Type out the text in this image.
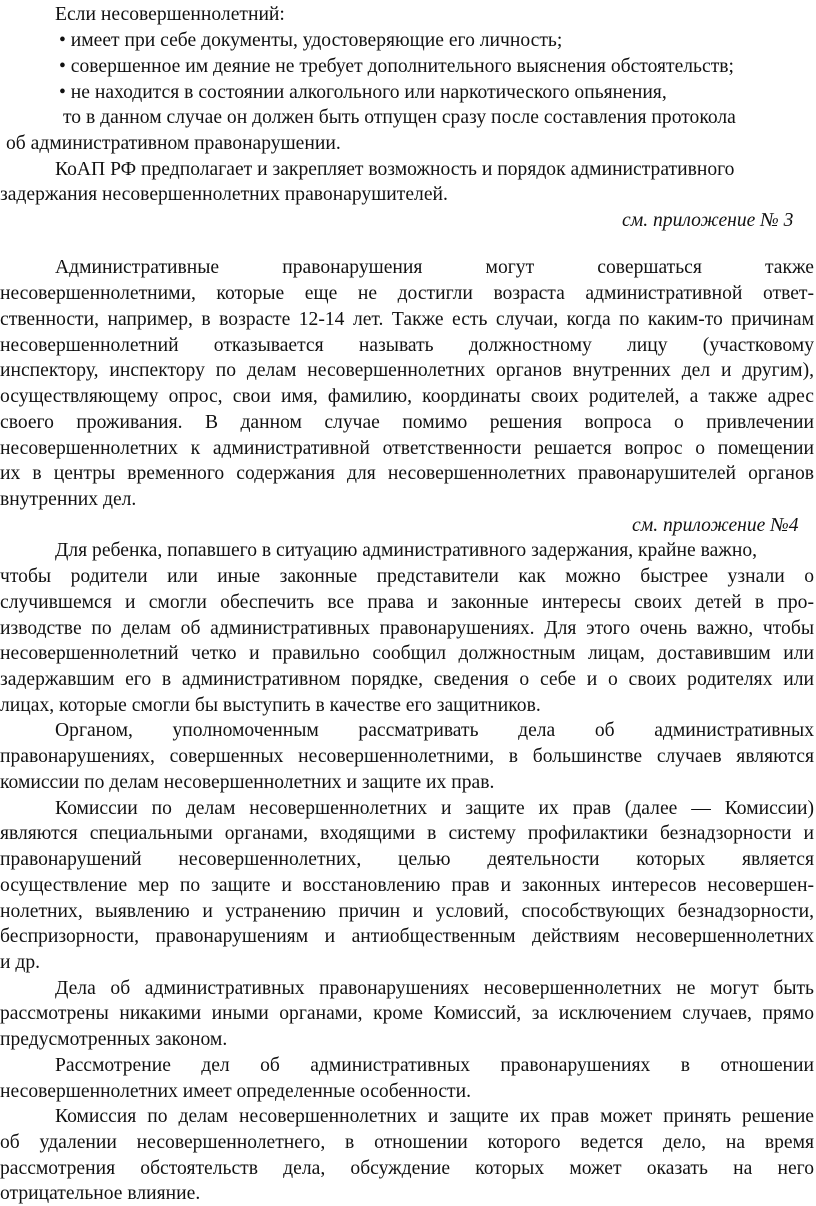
Если несовершеннолетний:
• имеет при себе документы, удостоверяющие его личность;
• совершенное им деяние не требует дополнительного выяснения обстоятельств;
• не находится в состоянии алкогольного или наркотического опьянения,
то в данном случае он должен быть отпущен сразу после составления протокола
об административном правонарушении.
КоАП РФ предполагает и закрепляет возможность и порядок административного
задержания несовершеннолетних правонарушителей.
см. приложение № 3
Административные правонарушения могут совершаться также
несовершеннолетними, которые еще не достигли возраста административной ответ-
ственности, например, в возрасте 12-14 лет. Также есть случаи, когда по каким-то причинам
несовершеннолетний отказывается называть должностному лицу (участковому
инспектору, инспектору по делам несовершеннолетних органов внутренних дел и другим),
осуществляющему опрос, свои имя, фамилию, координаты своих родителей, а также адрес
своего проживания. В данном случае помимо решения вопроса о привлечении
несовершеннолетних к административной ответственности решается вопрос о помещении
их в центры временного содержания для несовершеннолетних правонарушителей органов
внутренних дел.
см. приложение №4
Для ребенка, попавшего в ситуацию административного задержания, крайне важно,
чтобы родители или иные законные представители как можно быстрее узнали о
случившемся и смогли обеспечить все права и законные интересы своих детей в про-
изводстве по делам об административных правонарушениях. Для этого очень важно, чтобы
несовершеннолетний четко и правильно сообщил должностным лицам, доставившим или
задержавшим его в административном порядке, сведения о себе и о своих родителях или
лицах, которые смогли бы выступить в качестве его защитников.
Органом, уполномоченным рассматривать дела об административных
правонарушениях, совершенных несовершеннолетними, в большинстве случаев являются
комиссии по делам несовершеннолетних и защите их прав.
Комиссии по делам несовершеннолетних и защите их прав (далее — Комиссии)
являются специальными органами, входящими в систему профилактики безнадзорности и
правонарушений несовершеннолетних, целью деятельности которых является
осуществление мер по защите и восстановлению прав и законных интересов несовершен-
нолетних, выявлению и устранению причин и условий, способствующих безнадзорности,
беспризорности, правонарушениям и антиобщественным действиям несовершеннолетних
и др.
Дела об административных правонарушениях несовершеннолетних не могут быть
рассмотрены никакими иными органами, кроме Комиссий, за исключением случаев, прямо
предусмотренных законом.
Рассмотрение дел об административных правонарушениях в отношении
несовершеннолетних имеет определенные особенности.
Комиссия по делам несовершеннолетних и защите их прав может принять решение
об удалении несовершеннолетнего, в отношении которого ведется дело, на время
рассмотрения обстоятельств дела, обсуждение которых может оказать на него
отрицательное влияние.
